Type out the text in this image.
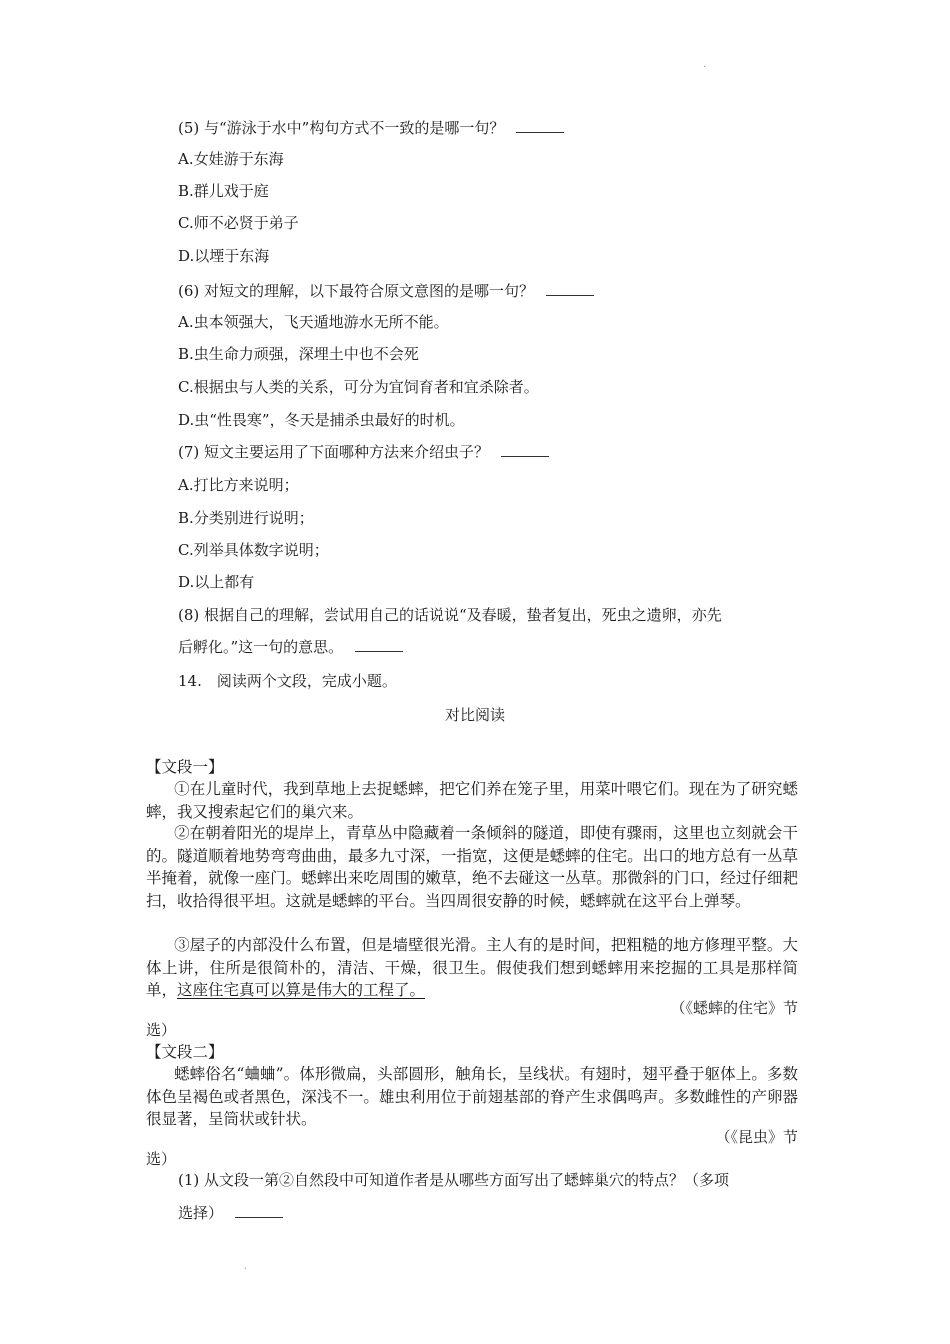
·
(5) 与“游泳于水中”构句方式不一致的是哪一句？
A.女娃游于东海
B.群儿戏于庭
C.师不必贤于弟子
D.以堙于东海
(6) 对短文的理解，以下最符合原文意图的是哪一句？
A.虫本领强大，飞天遁地游水无所不能。
B.虫生命力顽强，深埋土中也不会死
C.根据虫与人类的关系，可分为宜饲育者和宜杀除者。
D.虫“性畏寒”，冬天是捕杀虫最好的时机。
(7) 短文主要运用了下面哪种方法来介绍虫子？
A.打比方来说明；
B.分类别进行说明；
C.列举具体数字说明；
D.以上都有
(8) 根据自己的理解，尝试用自己的话说说“及春暖，蛰者复出，死虫之遗卵，亦先
后孵化。”这一句的意思。
14.　阅读两个文段，完成小题。
对比阅读
【文段一】
①在儿童时代，我到草地上去捉蟋蟀，把它们养在笼子里，用菜叶喂它们。现在为了研究蟋蟀，我又搜索起它们的巢穴来。
②在朝着阳光的堤岸上，青草丛中隐藏着一条倾斜的隧道，即使有骤雨，这里也立刻就会干的。隧道顺着地势弯弯曲曲，最多九寸深，一指宽，这便是蟋蟀的住宅。出口的地方总有一丛草半掩着，就像一座门。蟋蟀出来吃周围的嫩草，绝不去碰这一丛草。那微斜的门口，经过仔细耙扫，收拾得很平坦。这就是蟋蟀的平台。当四周很安静的时候，蟋蟀就在这平台上弹琴。
③屋子的内部没什么布置，但是墙壁很光滑。主人有的是时间，把粗糙的地方修理平整。大体上讲，住所是很简朴的，清洁、干燥，很卫生。假使我们想到蟋蟀用来挖掘的工具是那样简单，这座住宅真可以算是伟大的工程了。
（《蟋蟀的住宅》节
选）
【文段二】
蟋蟀俗名“蛐蛐”。体形微扁，头部圆形，触角长，呈线状。有翅时，翅平叠于躯体上。多数体色呈褐色或者黑色，深浅不一。雄虫利用位于前翅基部的脊产生求偶鸣声。多数雌性的产卵器很显著，呈筒状或针状。
（《昆虫》节
选）
(1) 从文段一第②自然段中可知道作者是从哪些方面写出了蟋蟀巢穴的特点？（多项
选择）
·
